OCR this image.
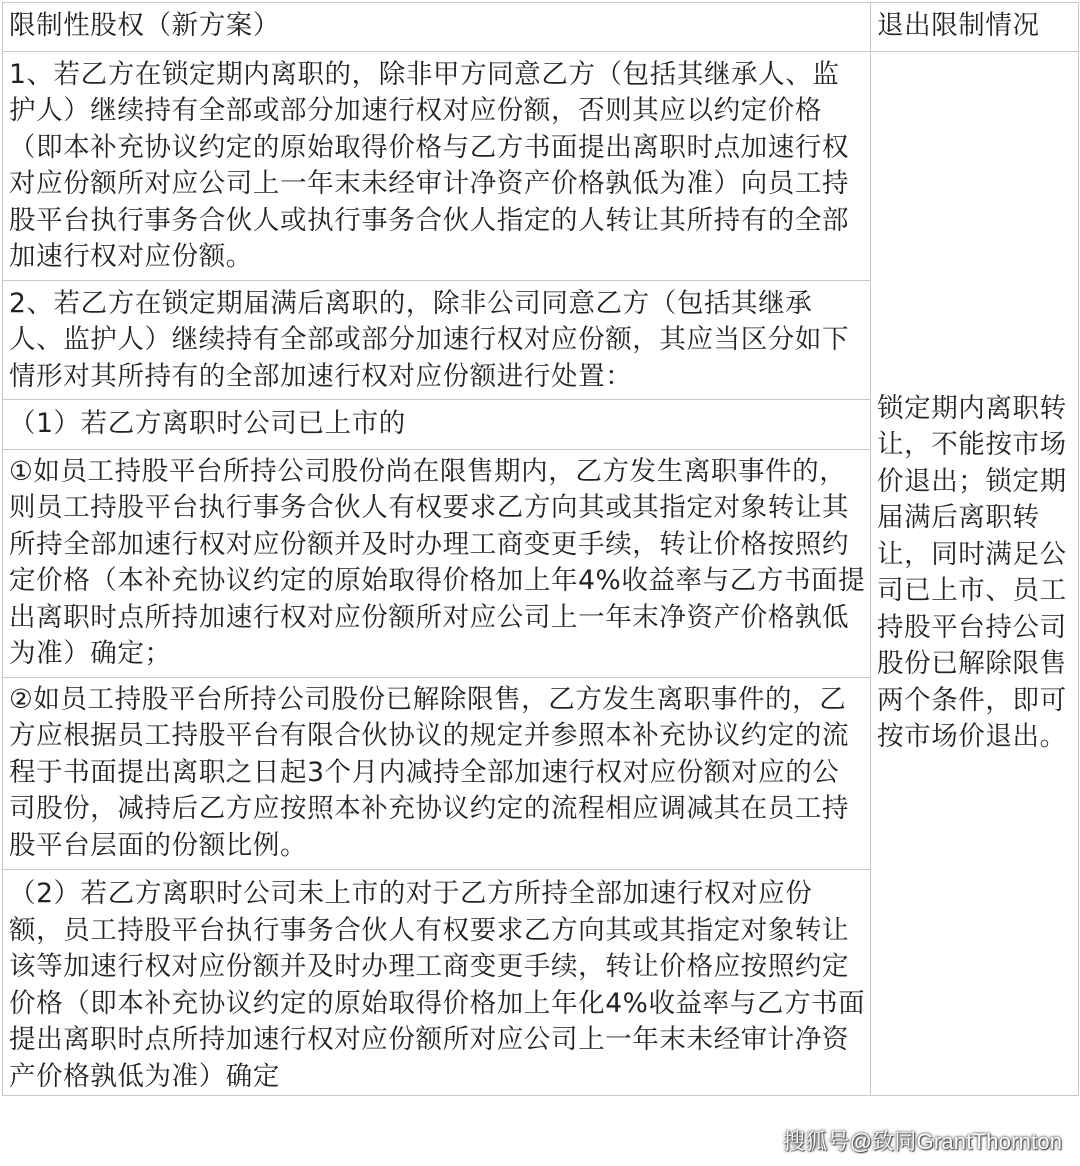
限制性股权（新方案）	退出限制情况
1、若乙方在锁定期内离职的，除非甲方同意乙方（包括其继承人、监护人）继续持有全部或部分加速行权对应份额，否则其应以约定价格（即本补充协议约定的原始取得价格与乙方书面提出离职时点加速行权对应份额所对应公司上一年末未经审计净资产价格孰低为准）向员工持股平台执行事务合伙人或执行事务合伙人指定的人转让其所持有的全部加速行权对应份额。	锁定期内离职转让，不能按市场价退出；锁定期届满后离职转让，同时满足公司已上市、员工持股平台持公司股份已解除限售两个条件，即可按市场价退出。
2、若乙方在锁定期届满后离职的，除非公司同意乙方（包括其继承人、监护人）继续持有全部或部分加速行权对应份额，其应当区分如下情形对其所持有的全部加速行权对应份额进行处置：	
（1）若乙方离职时公司已上市的	
①如员工持股平台所持公司股份尚在限售期内，乙方发生离职事件的，则员工持股平台执行事务合伙人有权要求乙方向其或其指定对象转让其所持全部加速行权对应份额并及时办理工商变更手续，转让价格按照约定价格（本补充协议约定的原始取得价格加上年4%收益率与乙方书面提出离职时点所持加速行权对应份额所对应公司上一年末净资产价格孰低为准）确定；	
②如员工持股平台所持公司股份已解除限售，乙方发生离职事件的，乙方应根据员工持股平台有限合伙协议的规定并参照本补充协议约定的流程于书面提出离职之日起3个月内减持全部加速行权对应份额对应的公司股份，减持后乙方应按照本补充协议约定的流程相应调减其在员工持股平台层面的份额比例。	
（2）若乙方离职时公司未上市的对于乙方所持全部加速行权对应份额，员工持股平台执行事务合伙人有权要求乙方向其或其指定对象转让该等加速行权对应份额并及时办理工商变更手续，转让价格应按照约定价格（即本补充协议约定的原始取得价格加上年化4%收益率与乙方书面提出离职时点所持加速行权对应份额所对应公司上一年末未经审计净资产价格孰低为准）确定	
搜狐号@致同GrantThornton
